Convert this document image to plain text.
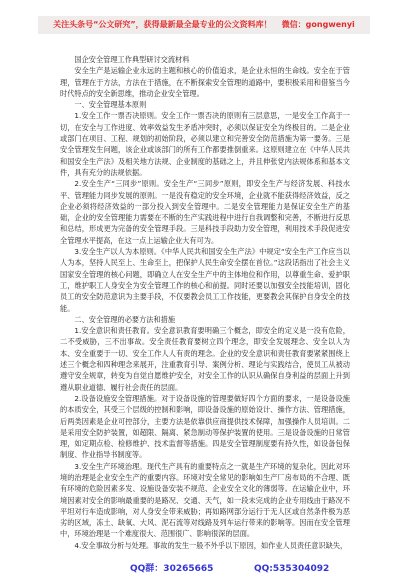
关注头条号“公文研究”，获得最新最全最专业的公文资料库！ 微信：gongwenyi

国企安全管理工作典型研讨交流材料

安全生产是运输企业永远的主题和核心的价值追求，是企业永恒的生命线。安全在于管理，管理在于方法，方法在于措施，在不断探索安全管理的道路中，要积极采用和借鉴当今时代特点的安全新思维，推动企业安全管理。

一、安全管理基本原则

1.安全工作一票否决原则。安全工作一票否决的原则有三层意思，一是安全工作高于一切，在安全与工作进度、效率效益发生矛盾冲突时，必须以保证安全为终极目的。二是企业或部门在项目、工程、规划的初始阶段，必须以建立和完善安全防范措施为第一要务。三是安全管理发生问题，该企业或该部门的所有工作都要推倒重来。这原则建立在《中华人民共和国安全生产法》及相关地方法规、企业制度的基础之上，并且伸张党内法规体系和基本文件，具有充分的法规依据。

2.安全生产“三同步”原则。安全生产“三同步”原则，即安全生产与经济发展、科技水平、管理能力同步发展的原则。一是没有稳定的安全环境，企业就不能获得经济效益，反之企业必须将经济效益的一部分投入到安全管理中。二是安全管理能力是保证安全生产的基础，企业的安全管理能力需要在不断的生产实践进程中进行自我调整和完善，不断进行反思和总结，形成更为完备的安全管理手段。三是科技手段助力安全管理，利用技术手段促进安全管理水平提高，在这一点上运输企业大有可为。

3.安全生产以人为本原则。《中华人民共和国安全生产法》中规定“安全生产工作应当以人为本，坚持人民至上、生命至上，把保护人民生命安全摆在首位。”这段话指出了社会主义国家安全管理的核心问题，即确立人在安全生产中的主体地位和作用，以尊重生命、爱护职工，维护职工人身安全为安全管理工作的核心和前提。同时还要以加强安全技能培训，固化员工的安全防范意识为主要手段，不仅要教会员工工作技能，更要教会其保护自身安全的技能。

二、安全管理的必要方法和措施

1.安全意识和责任教育。安全意识教育要明确三个概念，即安全的定义是一没有危险，二不受威胁，三不出事故。安全责任教育要树立四个理念，即安全发展理念、安全以人为本、安全重要于一切、安全工作人人有责的理念。企业的安全意识和责任教育要紧紧围绕上述三个概念和四种理念来展开，注重教育引导、案例分析、理论与实践结合，使员工从被动遵守安全规章，转变为自觉自愿维护安全，对安全工作的认识从确保自身利益的层面上升到遵从职业道德、履行社会责任的层面。

2.设备设施安全管理措施。对于设备设施的管理要做好四个方面的要求，一是设备设施的本质安全，其受三个层级的控制和影响，即设备设施的原始设计、操作方法、管理措施，后两类因素是企业可控部分，主要方法是依靠供应商提供技术保障，加强操作人员培训。二是采用安全防护装置，如超限、隔离、紧急制动等保护装置的使用。三是设备设施的日常管理，如定期点检、检修维护、技术监督等措施。四是安全管理制度要有持久性，如设备包保制度、作业指导书制度等。

3.安全生产环境治理。现代生产具有的重要特点之一就是生产环境的复杂化，因此对环境的治理是企业安全生产的重要内容。环境对安全常见的影响如生产厂房布局的不合理、既有环境的危险因素多发、设施设备安装不规范、企业安全文化的薄弱等。在运输企业中，环境因素对安全的影响最重要的是路况、交通、天气，如一段未完成的企业专用线由于路况不平坦对行车造成影响，对人身安全带来威胁；再如路网部分运行于无人区或自然条件极为恶劣的区域，冻土、缺氧、大风、泥石流等对线路及列车运行带来的影响等。因而在安全管理中，环境治理是一个难度很大、范围很广、影响很深的层面。

4.安全事故分析与处理。事故的发生一般不外乎以下原因，如作业人员责任意识缺失，

QQ群：30265665	QQ:535304092
